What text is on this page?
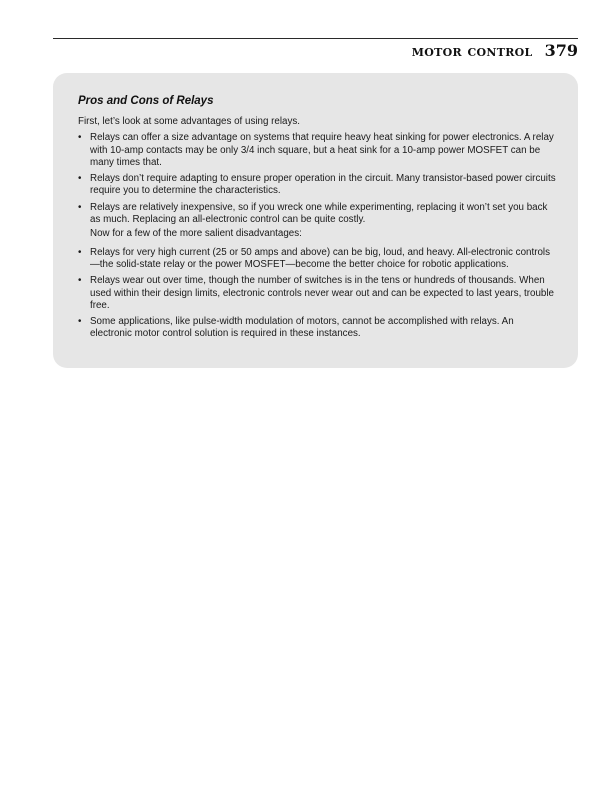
motor control 379

Pros and Cons of Relays

First, let’s look at some advantages of using relays.

• Relays can offer a size advantage on systems that require heavy heat sinking for power electronics. A relay with 10-amp contacts may be only 3/4 inch square, but a heat sink for a 10-amp power MOSFET can be many times that.
• Relays don’t require adapting to ensure proper operation in the circuit. Many transistor-based power circuits require you to determine the characteristics.
• Relays are relatively inexpensive, so if you wreck one while experimenting, replacing it won’t set you back as much. Replacing an all-electronic control can be quite costly.

Now for a few of the more salient disadvantages:

• Relays for very high current (25 or 50 amps and above) can be big, loud, and heavy. All-electronic controls—the solid-state relay or the power MOSFET—become the better choice for robotic applications.
• Relays wear out over time, though the number of switches is in the tens or hundreds of thousands. When used within their design limits, electronic controls never wear out and can be expected to last years, trouble free.
• Some applications, like pulse-width modulation of motors, cannot be accomplished with relays. An electronic motor control solution is required in these instances.
